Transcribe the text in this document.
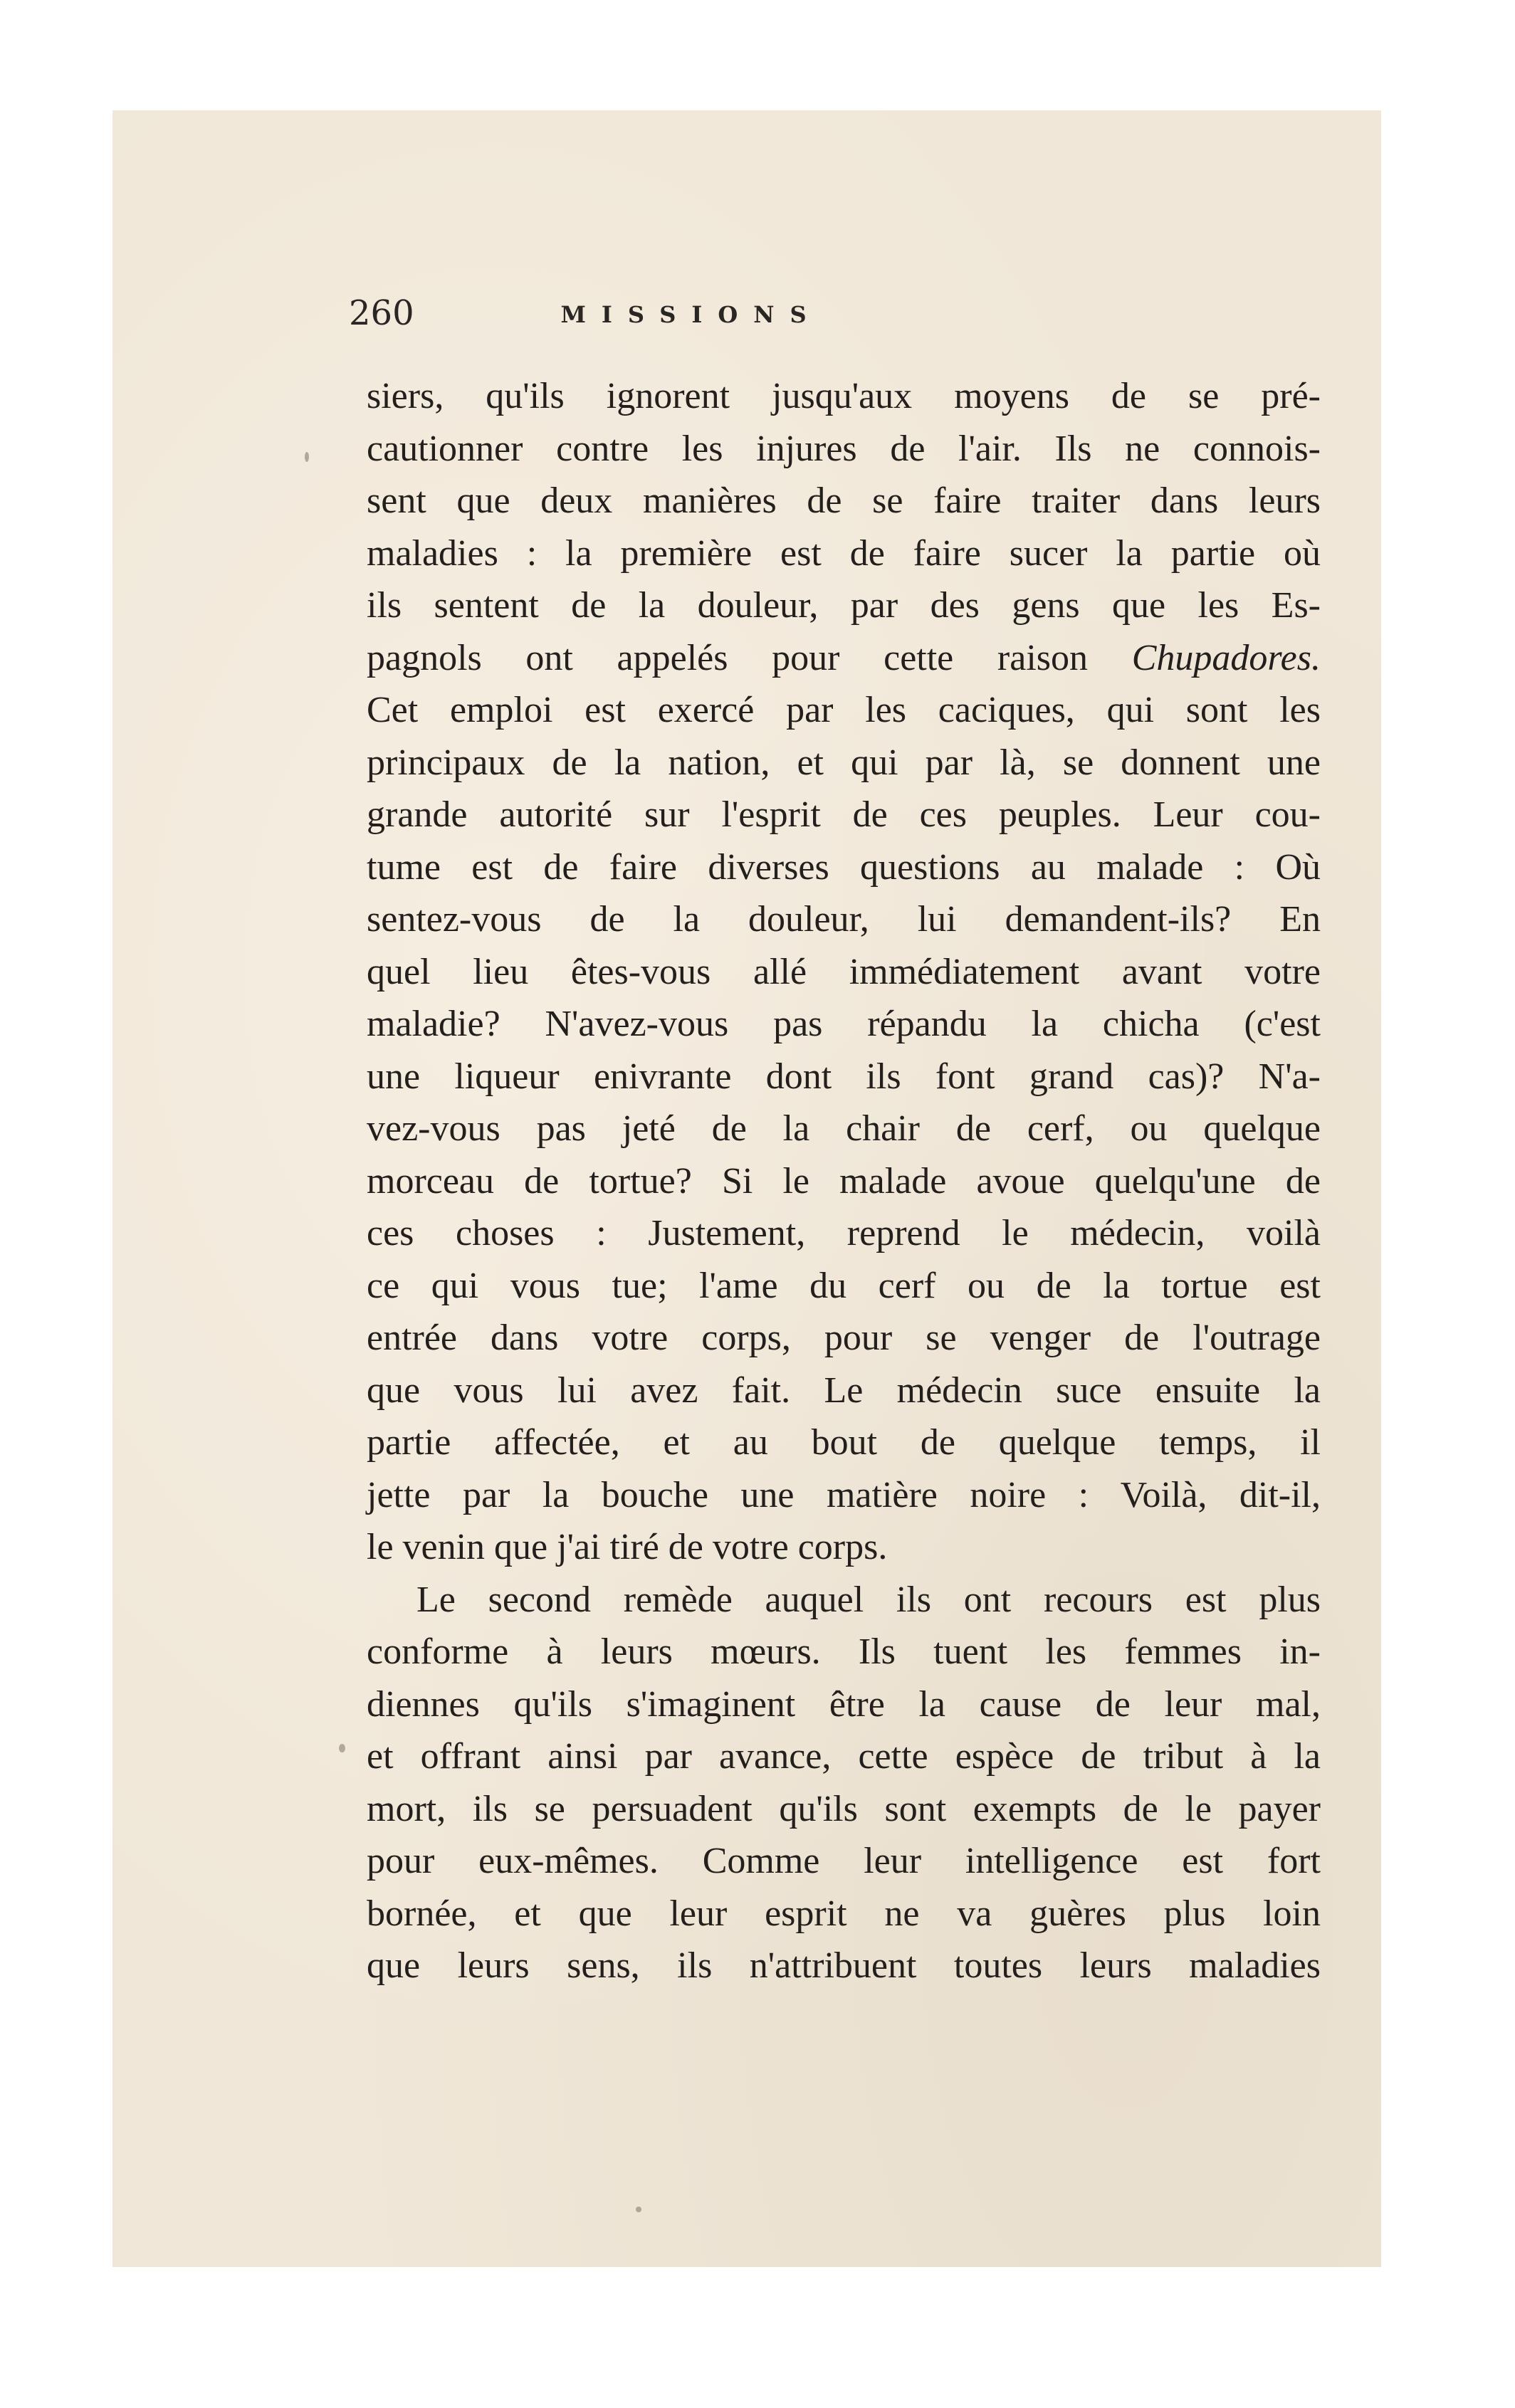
260	MISSIONS
siers, qu'ils ignorent jusqu'aux moyens de se pré-
cautionner contre les injures de l'air. Ils ne connois-
sent que deux manières de se faire traiter dans leurs
maladies : la première est de faire sucer la partie où
ils sentent de la douleur, par des gens que les Es-
pagnols ont appelés pour cette raison Chupadores.
Cet emploi est exercé par les caciques, qui sont les
principaux de la nation, et qui par là, se donnent une
grande autorité sur l'esprit de ces peuples. Leur cou-
tume est de faire diverses questions au malade : Où
sentez-vous de la douleur, lui demandent-ils? En
quel lieu êtes-vous allé immédiatement avant votre
maladie? N'avez-vous pas répandu la chicha (c'est
une liqueur enivrante dont ils font grand cas)? N'a-
vez-vous pas jeté de la chair de cerf, ou quelque
morceau de tortue? Si le malade avoue quelqu'une de
ces choses : Justement, reprend le médecin, voilà
ce qui vous tue; l'ame du cerf ou de la tortue est
entrée dans votre corps, pour se venger de l'outrage
que vous lui avez fait. Le médecin suce ensuite la
partie affectée, et au bout de quelque temps, il
jette par la bouche une matière noire : Voilà, dit-il,
le venin que j'ai tiré de votre corps.
Le second remède auquel ils ont recours est plus
conforme à leurs mœurs. Ils tuent les femmes in-
diennes qu'ils s'imaginent être la cause de leur mal,
et offrant ainsi par avance, cette espèce de tribut à la
mort, ils se persuadent qu'ils sont exempts de le payer
pour eux-mêmes. Comme leur intelligence est fort
bornée, et que leur esprit ne va guères plus loin
que leurs sens, ils n'attribuent toutes leurs maladies
